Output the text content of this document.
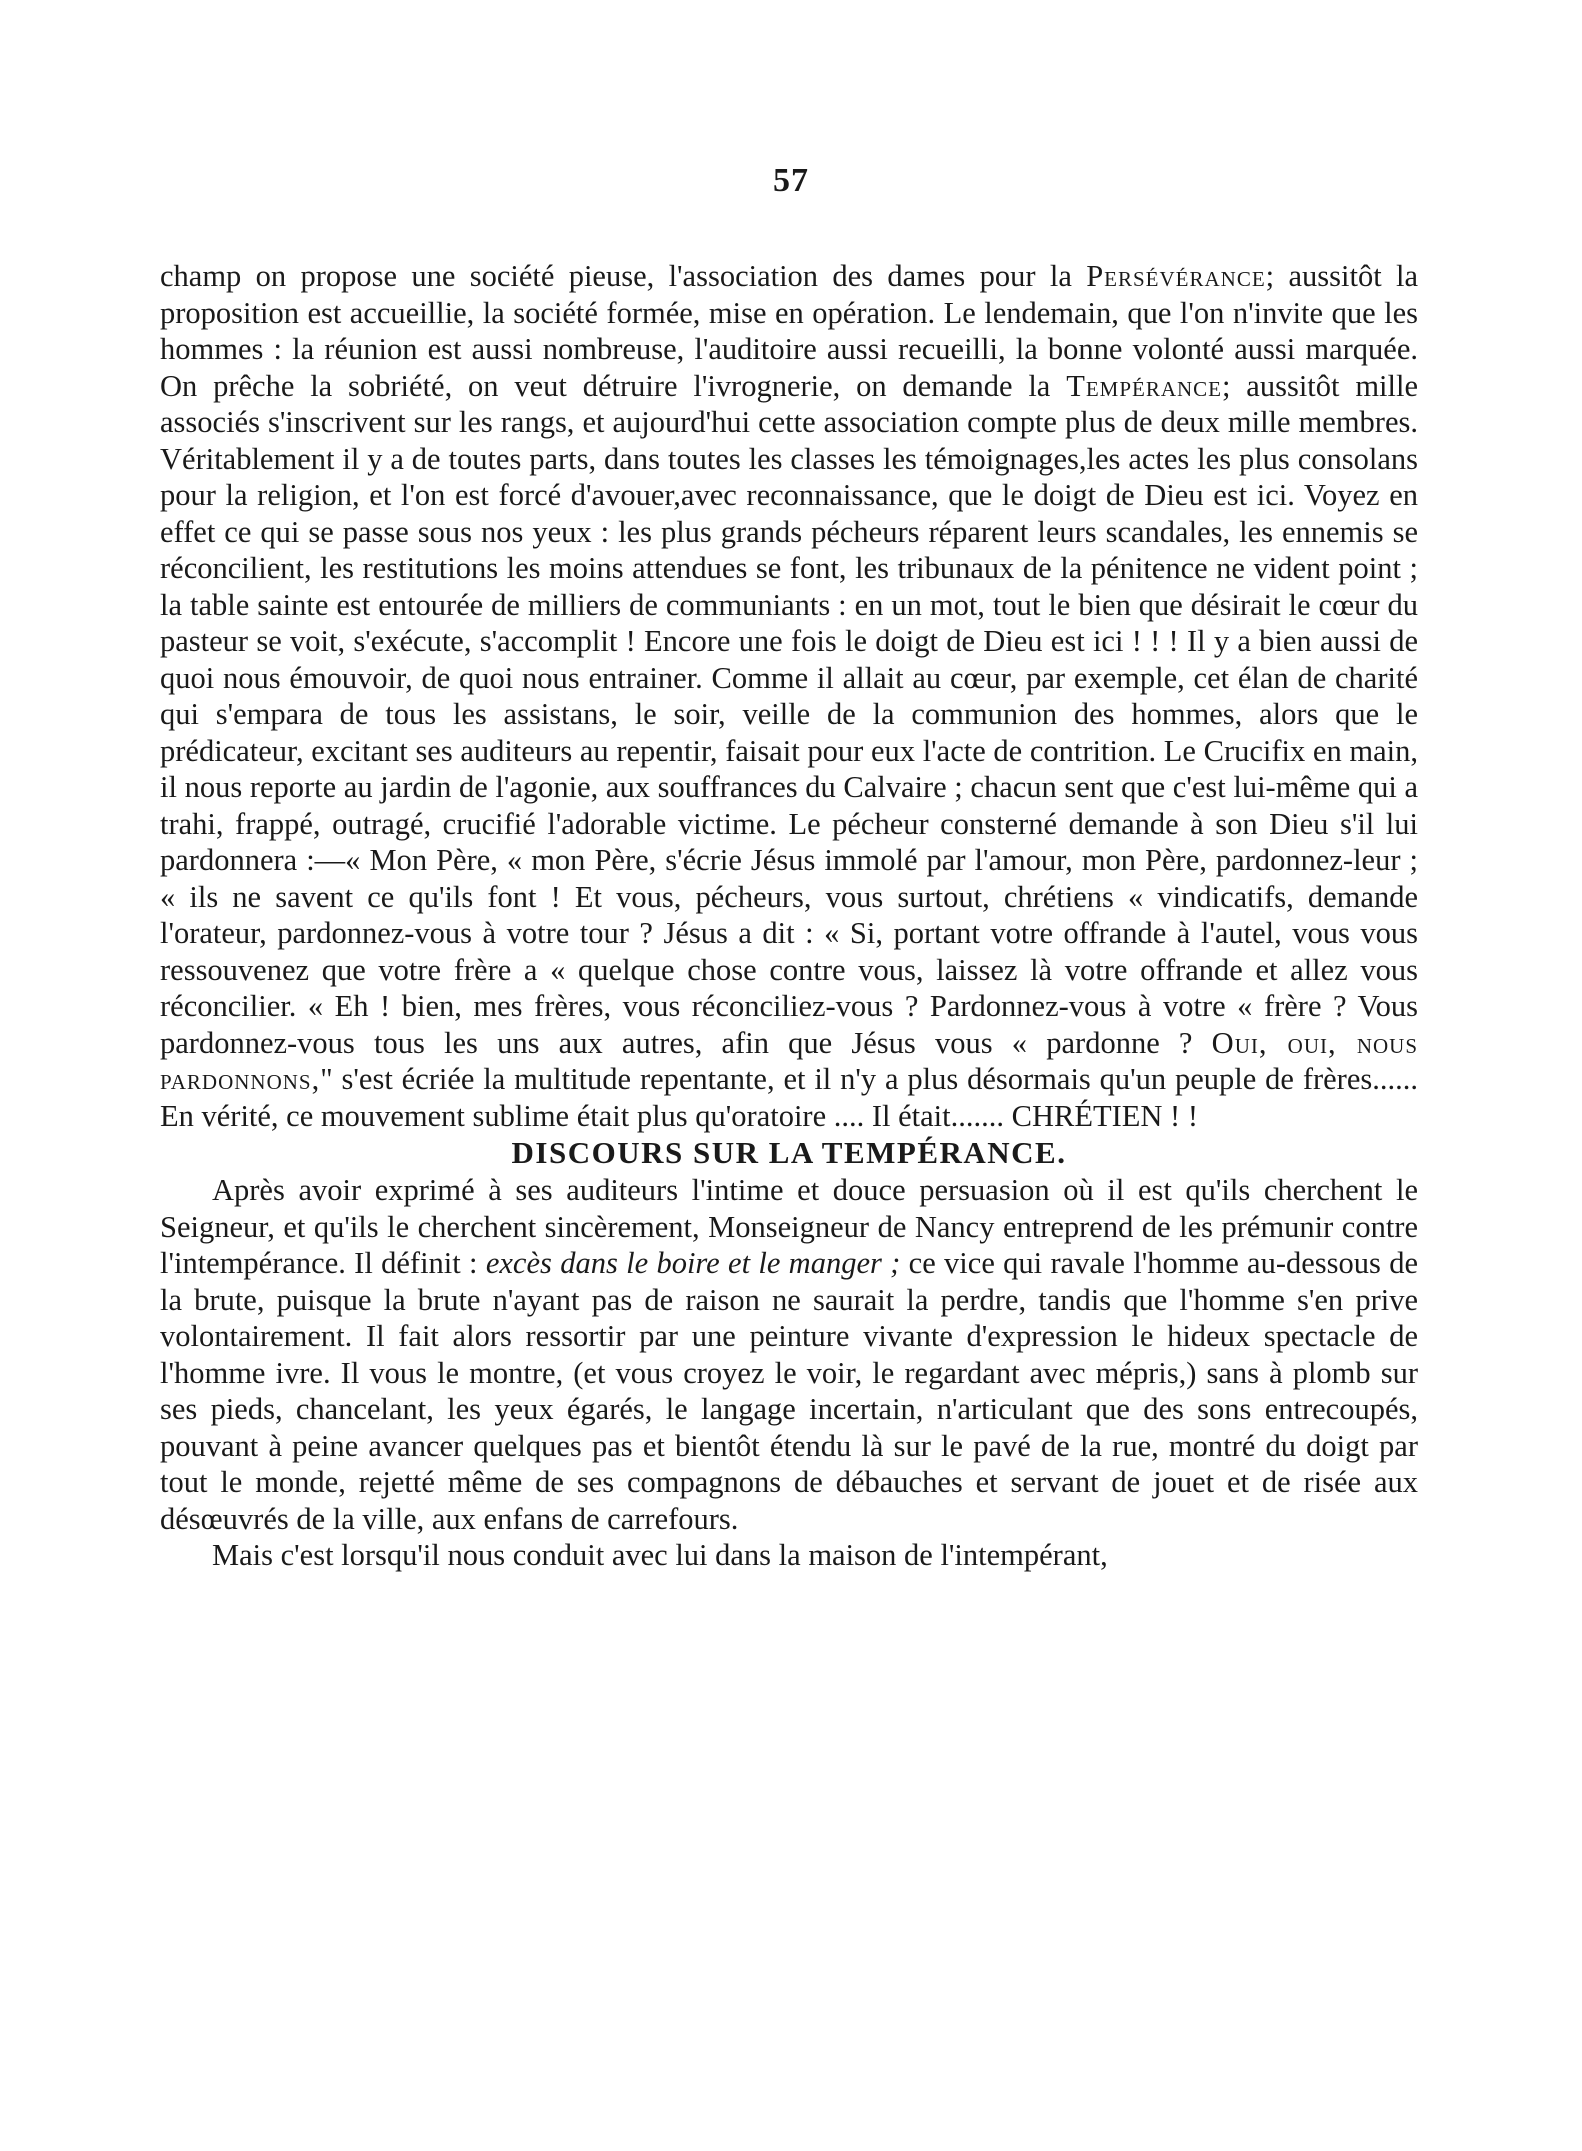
57

champ on propose une société pieuse, l'association des dames pour la Persévérance; aussitôt la proposition est accueillie, la société formée, mise en opération. Le lendemain, que l'on n'invite que les hommes : la réunion est aussi nombreuse, l'auditoire aussi recueilli, la bonne volonté aussi marquée. On prêche la sobriété, on veut détruire l'ivrognerie, on demande la Tempérance; aussitôt mille associés s'inscrivent sur les rangs, et aujourd'hui cette association compte plus de deux mille membres. Véritablement il y a de toutes parts, dans toutes les classes les témoignages,les actes les plus consolans pour la religion, et l'on est forcé d'avouer,avec reconnaissance, que le doigt de Dieu est ici. Voyez en effet ce qui se passe sous nos yeux : les plus grands pécheurs réparent leurs scandales, les ennemis se réconcilient, les restitutions les moins attendues se font, les tribunaux de la pénitence ne vident point ; la table sainte est entourée de milliers de communiants : en un mot, tout le bien que désirait le cœur du pasteur se voit, s'exécute, s'accomplit ! Encore une fois le doigt de Dieu est ici ! ! ! Il y a bien aussi de quoi nous émouvoir, de quoi nous entrainer. Comme il allait au cœur, par exemple, cet élan de charité qui s'empara de tous les assistans, le soir, veille de la communion des hommes, alors que le prédicateur, excitant ses auditeurs au repentir, faisait pour eux l'acte de contrition. Le Crucifix en main, il nous reporte au jardin de l'agonie, aux souffrances du Calvaire ; chacun sent que c'est lui-même qui a trahi, frappé, outragé, crucifié l'adorable victime. Le pécheur consterné demande à son Dieu s'il lui pardonnera :—« Mon Père, « mon Père, s'écrie Jésus immolé par l'amour, mon Père, pardonnez-leur ; « ils ne savent ce qu'ils font ! Et vous, pécheurs, vous surtout, chrétiens « vindicatifs, demande l'orateur, pardonnez-vous à votre tour ? Jésus a dit : « Si, portant votre offrande à l'autel, vous vous ressouvenez que votre frère a « quelque chose contre vous, laissez là votre offrande et allez vous réconcilier. « Eh ! bien, mes frères, vous réconciliez-vous ? Pardonnez-vous à votre « frère ? Vous pardonnez-vous tous les uns aux autres, afin que Jésus vous « pardonne ? Oui, oui, nous pardonnons," s'est écriée la multitude repentante, et il n'y a plus désormais qu'un peuple de frères...... En vérité, ce mouvement sublime était plus qu'oratoire .... Il était....... CHRÉTIEN ! !

DISCOURS SUR LA TEMPÉRANCE.

Après avoir exprimé à ses auditeurs l'intime et douce persuasion où il est qu'ils cherchent le Seigneur, et qu'ils le cherchent sincèrement, Monseigneur de Nancy entreprend de les prémunir contre l'intempérance. Il définit : excès dans le boire et le manger ; ce vice qui ravale l'homme au-dessous de la brute, puisque la brute n'ayant pas de raison ne saurait la perdre, tandis que l'homme s'en prive volontairement. Il fait alors ressortir par une peinture vivante d'expression le hideux spectacle de l'homme ivre. Il vous le montre, (et vous croyez le voir, le regardant avec mépris,) sans à plomb sur ses pieds, chancelant, les yeux égarés, le langage incertain, n'articulant que des sons entrecoupés, pouvant à peine avancer quelques pas et bientôt étendu là sur le pavé de la rue, montré du doigt par tout le monde, rejetté même de ses compagnons de débauches et servant de jouet et de risée aux désœuvrés de la ville, aux enfans de carrefours.

Mais c'est lorsqu'il nous conduit avec lui dans la maison de l'intempérant,
